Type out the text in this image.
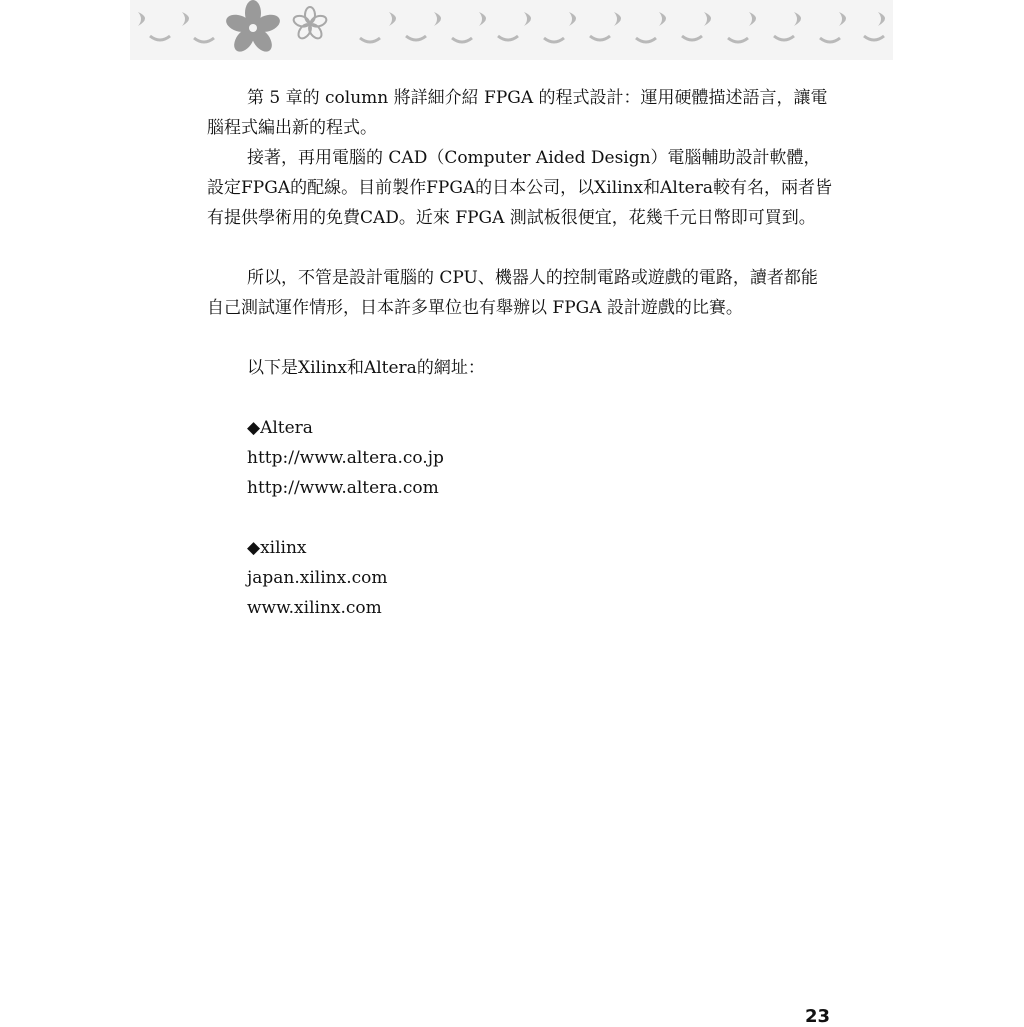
第 5 章的 column 將詳細介紹 FPGA 的程式設計：運用硬體描述語言，讓電腦程式編出新的程式。

接著，再用電腦的 CAD（Computer Aided Design）電腦輔助設計軟體，設定FPGA的配線。目前製作FPGA的日本公司，以Xilinx和Altera較有名，兩者皆有提供學術用的免費CAD。近來 FPGA 測試板很便宜，花幾千元日幣即可買到。

所以，不管是設計電腦的 CPU、機器人的控制電路或遊戲的電路，讀者都能自己測試運作情形，日本許多單位也有舉辦以 FPGA 設計遊戲的比賽。

以下是Xilinx和Altera的網址：

◆Altera
http://www.altera.co.jp
http://www.altera.com
◆xilinx
japan.xilinx.com
www.xilinx.com
23
